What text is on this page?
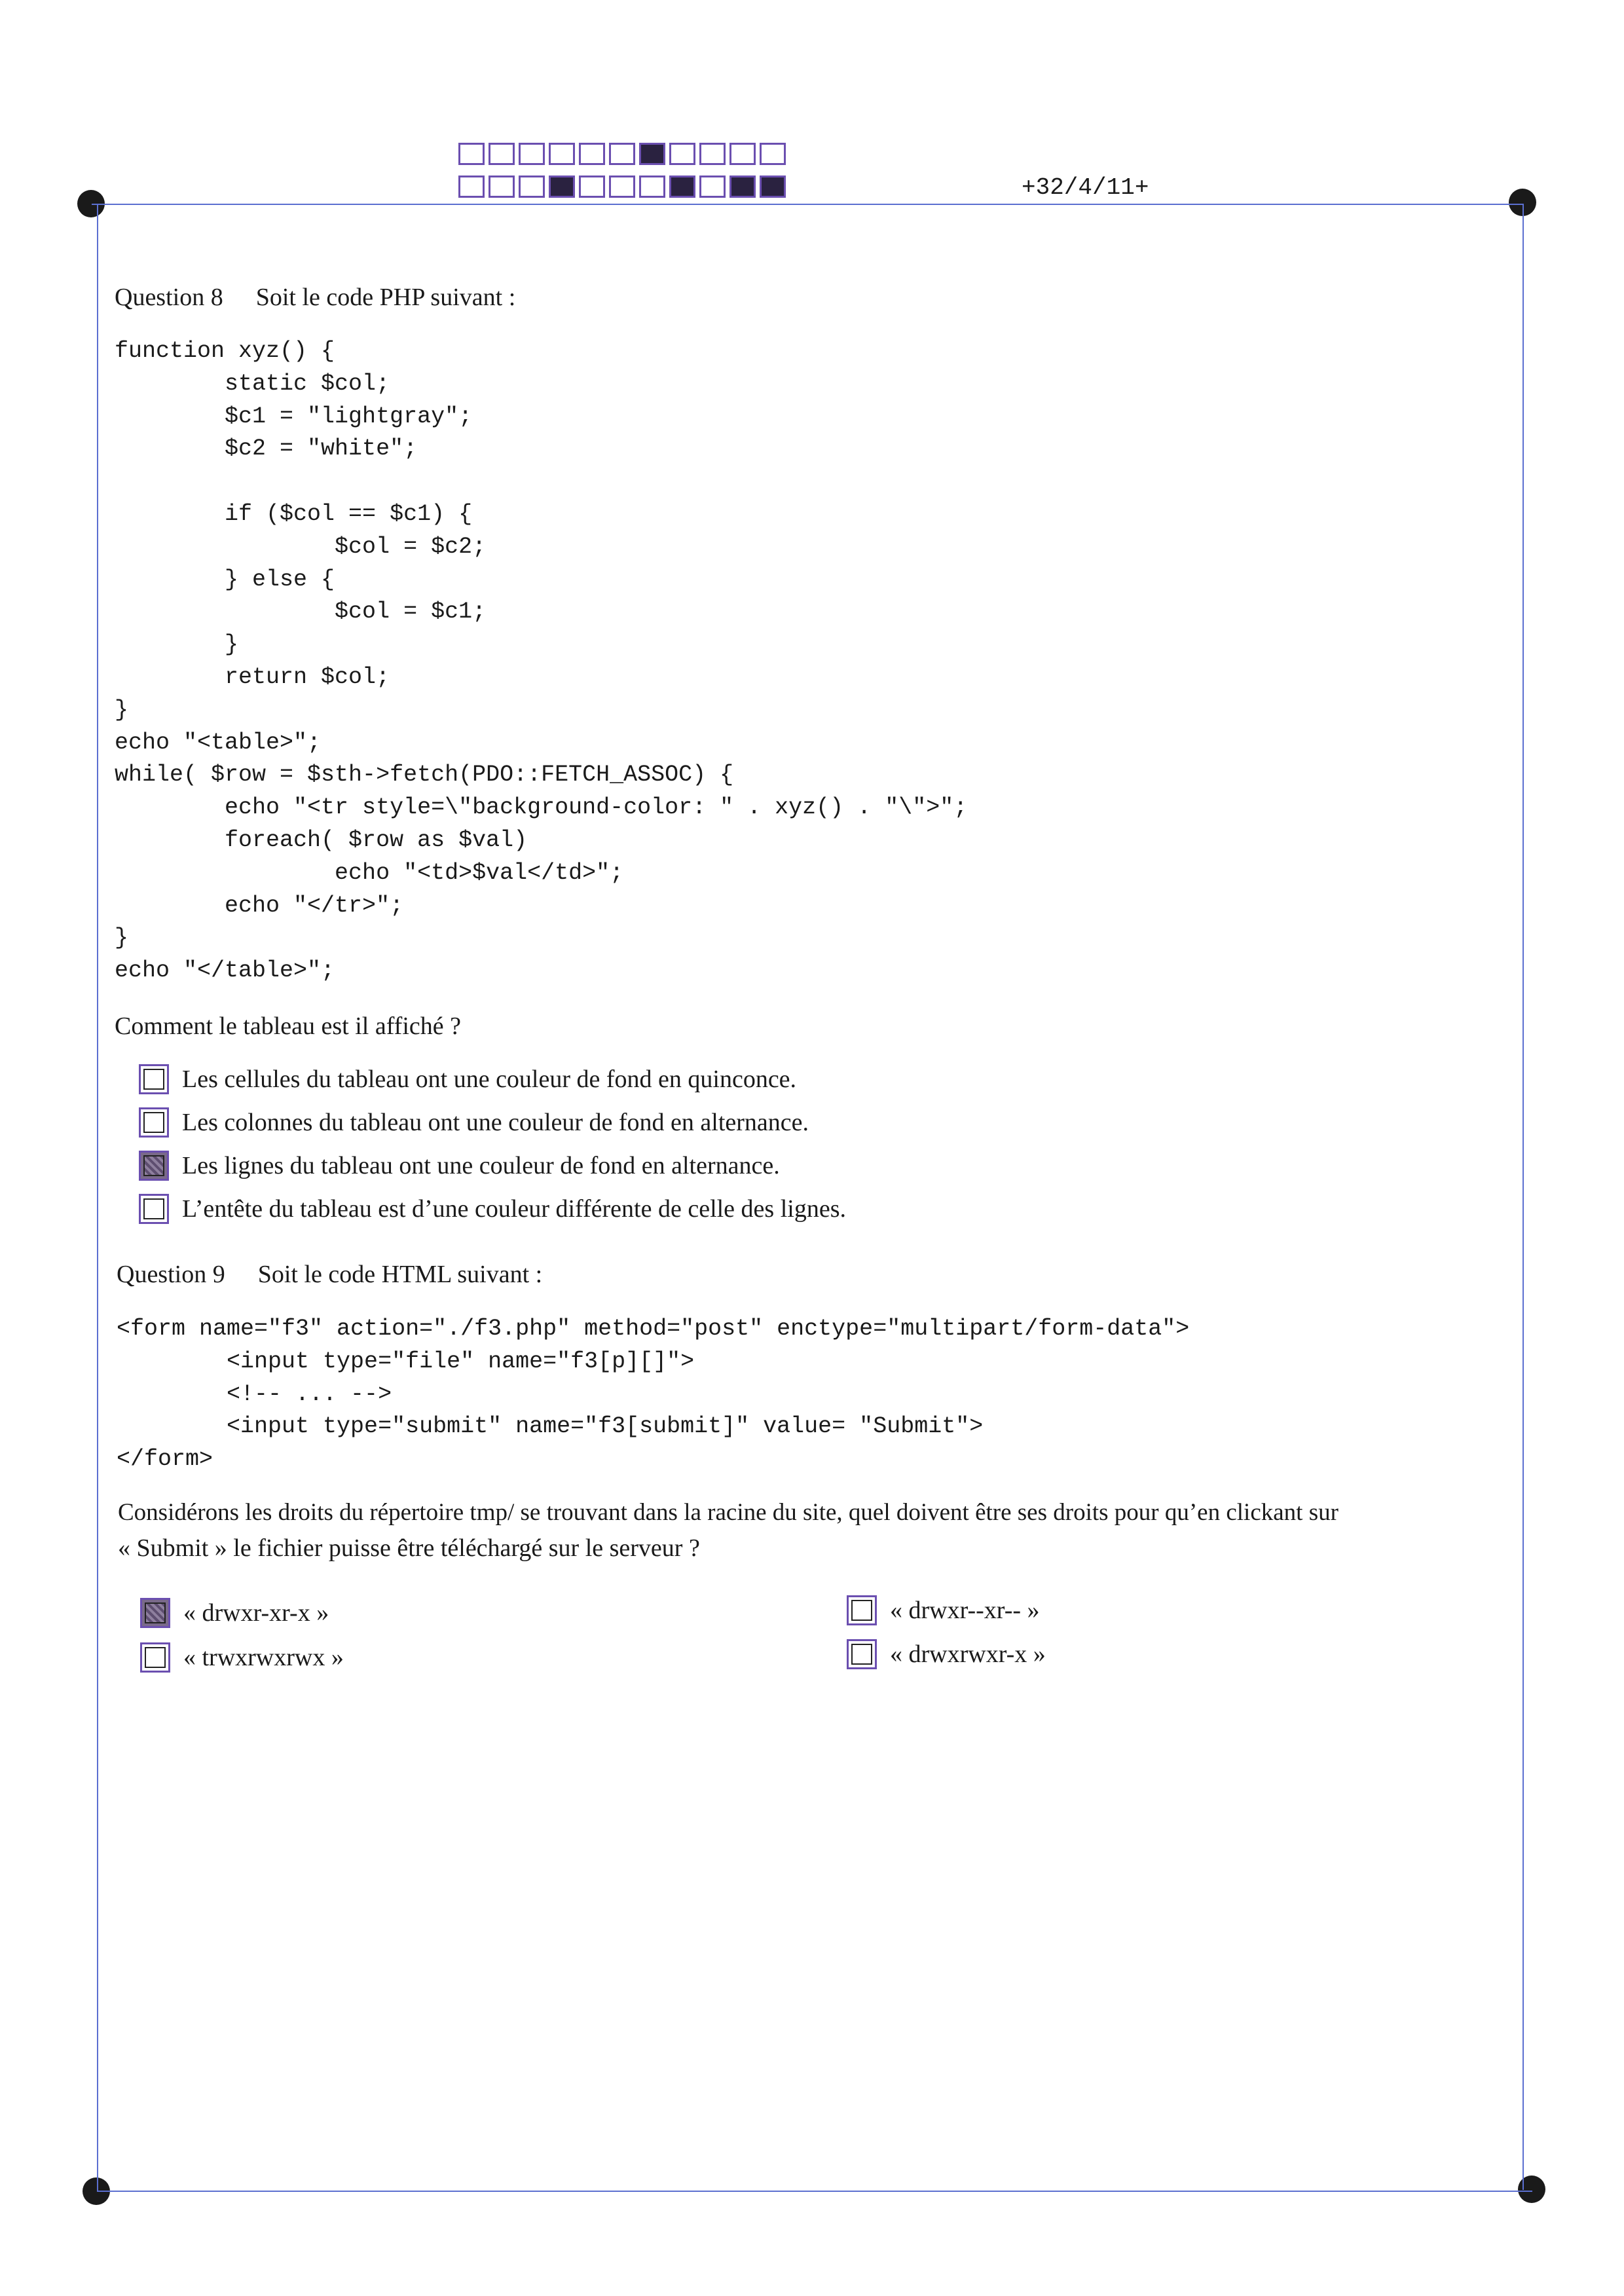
+32/4/11+
Question 8 Soit le code PHP suivant :
function xyz() {
static $col;
$c1 = "lightgray";
$c2 = "white";

if ($col == $c1) {
$col = $c2;
} else {
$col = $c1;
}
return $col;
}
echo "<table>";
while( $row = $sth->fetch(PDO::FETCH_ASSOC) {
echo "<tr style=\"background-color: " . xyz() . "\">";
foreach( $row as $val)
echo "<td>$val</td>";
echo "</tr>";
}
echo "</table>";
Comment le tableau est il affiché ?
Les cellules du tableau ont une couleur de fond en quinconce.
Les colonnes du tableau ont une couleur de fond en alternance.
Les lignes du tableau ont une couleur de fond en alternance.
L’entête du tableau est d’une couleur différente de celle des lignes.
Question 9 Soit le code HTML suivant :
<form name="f3" action="./f3.php" method="post" enctype="multipart/form-data">
<input type="file" name="f3[p][]">
<!-- ... -->
<input type="submit" name="f3[submit]" value= "Submit">
</form>
Considérons les droits du répertoire tmp/ se trouvant dans la racine du site, quel doivent être ses droits pour qu’en clickant sur
« Submit » le fichier puisse être téléchargé sur le serveur ?
« drwxr-xr-x »	« drwxr--xr-- »
« trwxrwxrwx »	« drwxrwxr-x »
